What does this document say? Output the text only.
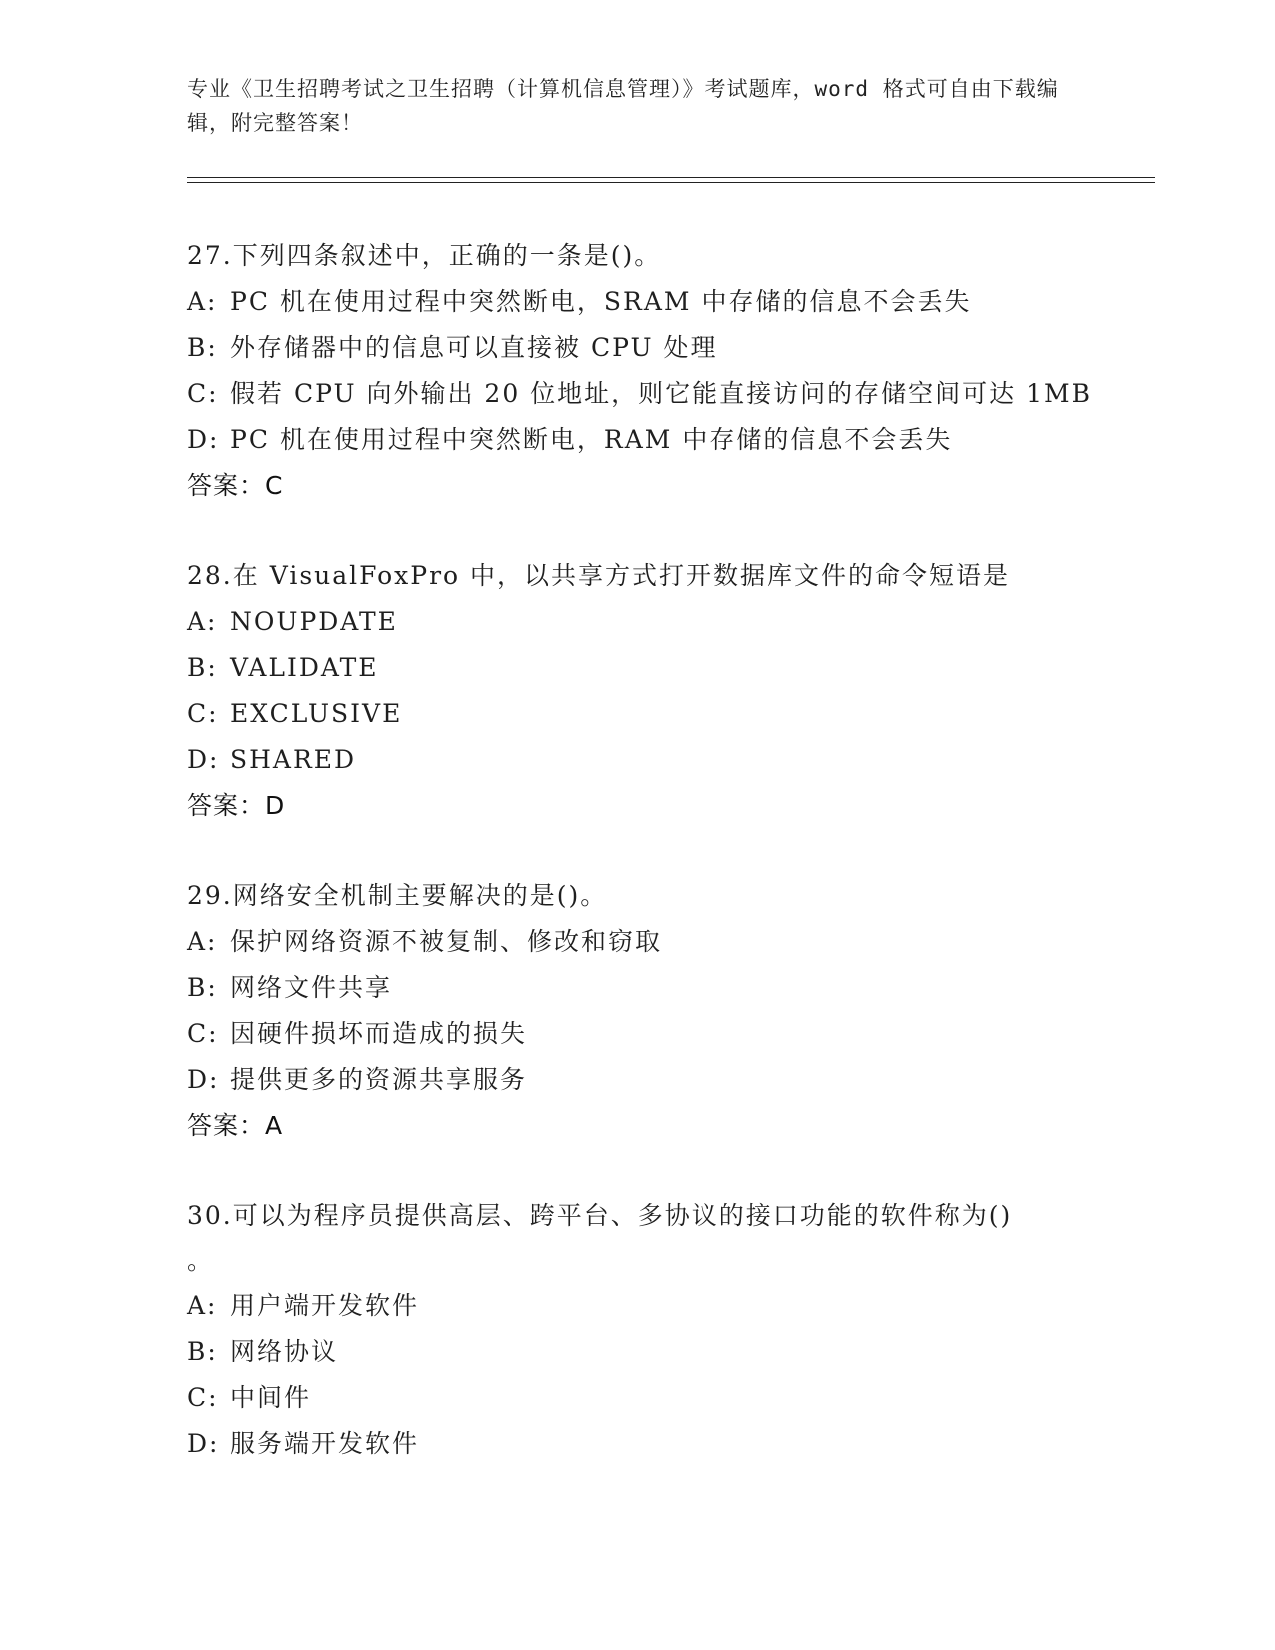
专业《卫生招聘考试之卫生招聘（计算机信息管理）》考试题库，word 格式可自由下载编辑，附完整答案！
27.下列四条叙述中，正确的一条是()。
A: PC 机在使用过程中突然断电，SRAM 中存储的信息不会丢失
B: 外存储器中的信息可以直接被 CPU 处理
C: 假若 CPU 向外输出 20 位地址，则它能直接访问的存储空间可达 1MB
D: PC 机在使用过程中突然断电，RAM 中存储的信息不会丢失
答案：C
28.在 VisualFoxPro 中，以共享方式打开数据库文件的命令短语是
A: NOUPDATE
B: VALIDATE
C: EXCLUSIVE
D: SHARED
答案：D
29.网络安全机制主要解决的是()。
A: 保护网络资源不被复制、修改和窃取
B: 网络文件共享
C: 因硬件损坏而造成的损失
D: 提供更多的资源共享服务
答案：A
30.可以为程序员提供高层、跨平台、多协议的接口功能的软件称为()
。
A: 用户端开发软件
B: 网络协议
C: 中间件
D: 服务端开发软件
